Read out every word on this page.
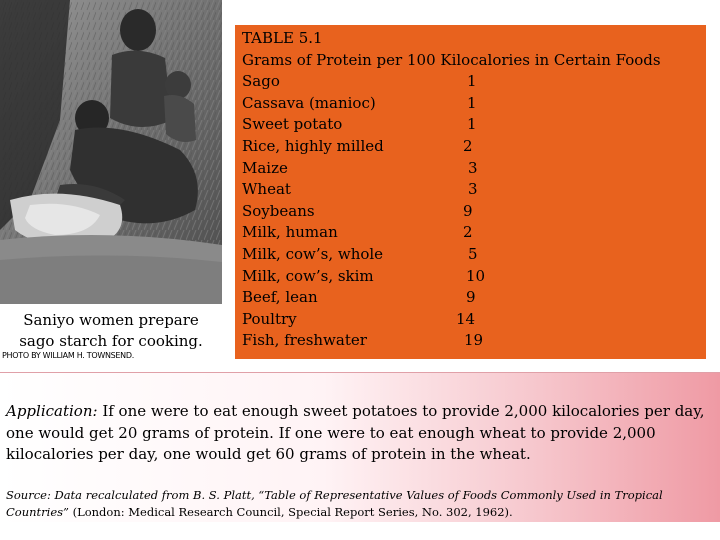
Saniyo women prepare
sago starch for cooking.
PHOTO BY WILLIAM H. TOWNSEND.
TABLE 5.1
Grams of Protein per 100 Kilocalories in Certain Foods
Sago	1
Cassava (manioc)	1
Sweet potato	1
Rice, highly milled	2
Maize	3
Wheat	3
Soybeans	9
Milk, human	2
Milk, cow’s, whole	5
Milk, cow’s, skim	10
Beef, lean	9
Poultry	14
Fish, freshwater	19
Application: If one were to eat enough sweet potatoes to provide 2,000 kilocalories per day, one would get 20 grams of protein. If one were to eat enough wheat to provide 2,000 kilocalories per day, one would get 60 grams of protein in the wheat.
Source: Data recalculated from B. S. Platt, “Table of Representative Values of Foods Commonly Used in Tropical Countries” (London: Medical Research Council, Special Report Series, No. 302, 1962).
